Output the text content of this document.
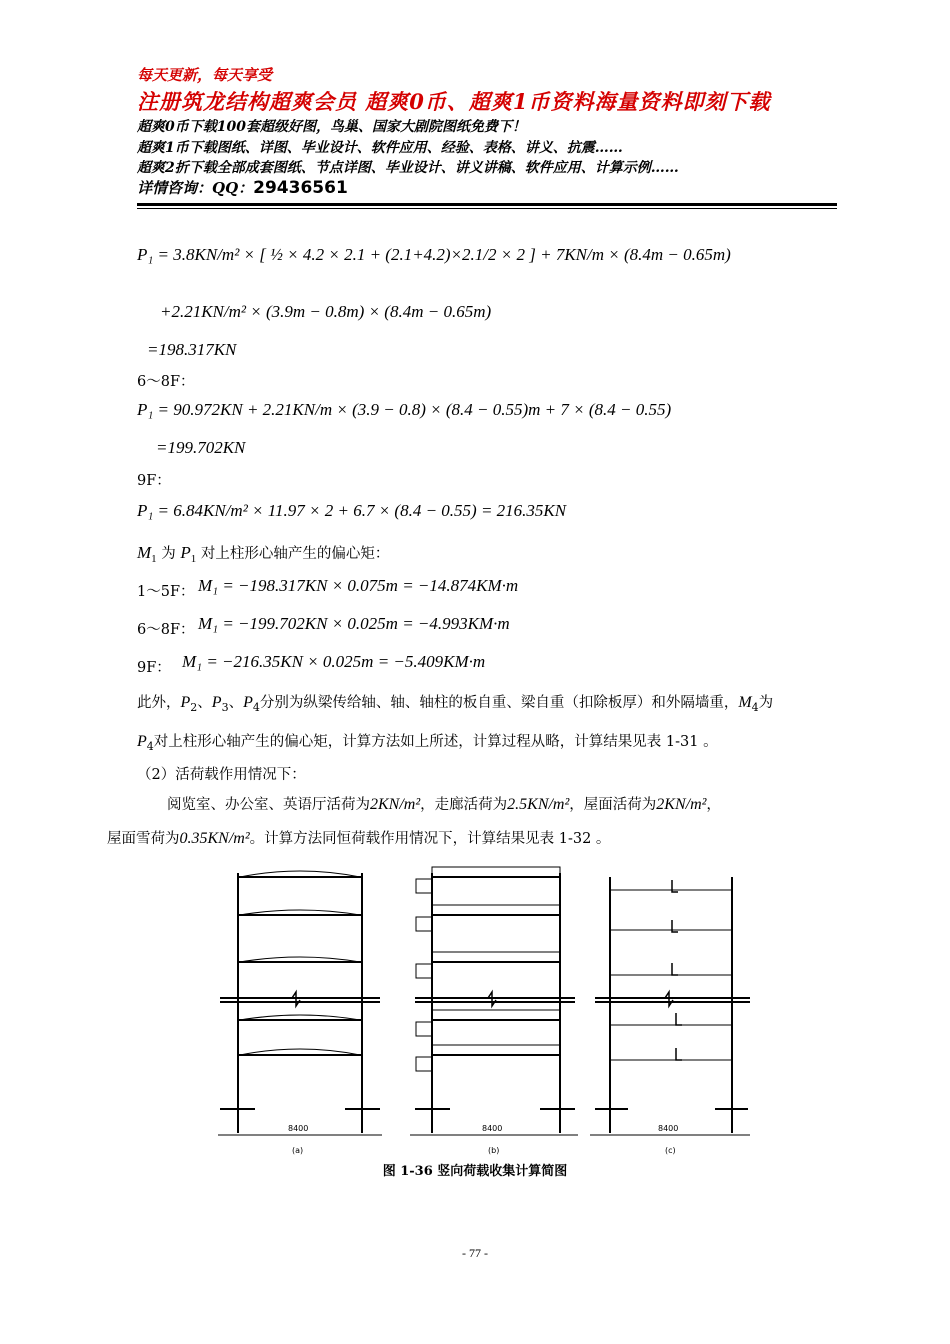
每天更新，每天享受
注册筑龙结构超爽会员 超爽0币、超爽1币资料海量资料即刻下载
超爽0币下载100套超级好图，鸟巢、国家大剧院图纸免费下！
超爽1币下载图纸、详图、毕业设计、软件应用、经验、表格、讲义、抗震……
超爽2折下载全部成套图纸、节点详图、毕业设计、讲义讲稿、软件应用、计算示例……
详情咨询：QQ：29436561
P₁ = 3.8KN/m² × [ ½ × 4.2 × 2.1 + (2.1+4.2)×2.1/2 × 2 ] + 7KN/m × (8.4m − 0.65m)
+2.21KN/m² × (3.9m − 0.8m) × (8.4m − 0.65m)
=198.317KN
6～8F：
P₁ = 90.972KN + 2.21KN/m × (3.9 − 0.8) × (8.4 − 0.55)m + 7 × (8.4 − 0.55)
=199.702KN
9F：
P₁ = 6.84KN/m² × 11.97 × 2 + 6.7 × (8.4 − 0.55) = 216.35KN
$M_1$ 为 $P_1$ 对上柱形心轴产生的偏心矩：
1～5F： M₁ = −198.317KN × 0.075m = −14.874KM·m
6～8F： M₁ = −199.702KN × 0.025m = −4.993KM·m
9F： M₁ = −216.35KN × 0.025m = −5.409KM·m
此外，$P_2$、$P_3$、$P_4$分别为纵梁传给轴、轴、轴柱的板自重、梁自重（扣除板厚）和外隔墙重，$M_4$为
$P_4$对上柱形心轴产生的偏心矩，计算方法如上所述，计算过程从略，计算结果见表 1-31 。
（2）活荷载作用情况下：
阅览室、办公室、英语厅活荷为2KN/m²，走廊活荷为2.5KN/m²，屋面活荷为2KN/m²，
屋面雪荷为0.35KN/m²。计算方法同恒荷载作用情况下，计算结果见表 1-32 。
8400	8400	8400
(a)	(b)	(c)
图 1-36 竖向荷载收集计算简图
- 77 -
